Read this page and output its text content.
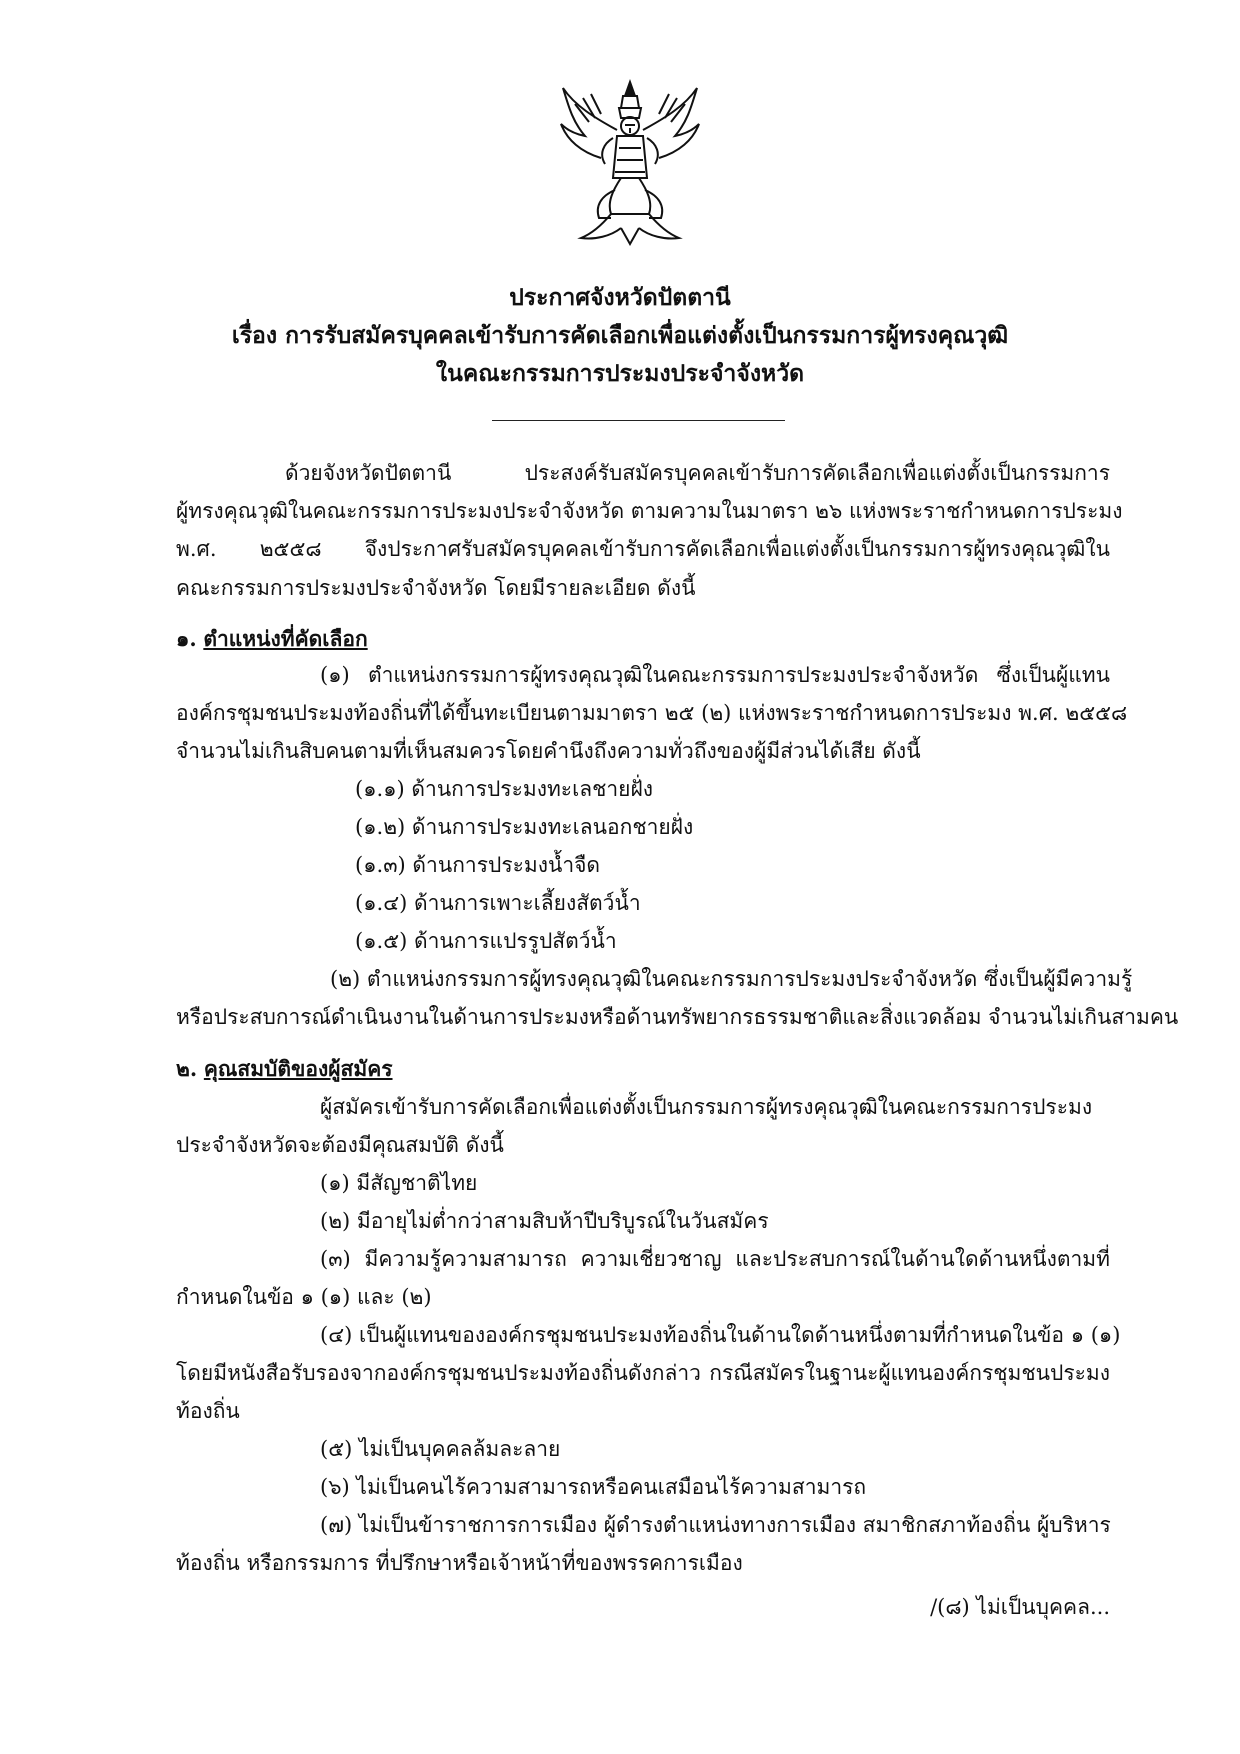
ประกาศจังหวัดปัตตานี
เรื่อง การรับสมัครบุคคลเข้ารับการคัดเลือกเพื่อแต่งตั้งเป็นกรรมการผู้ทรงคุณวุฒิ
ในคณะกรรมการประมงประจำจังหวัด
ด้วยจังหวัดปัตตานี ประสงค์รับสมัครบุคคลเข้ารับการคัดเลือกเพื่อแต่งตั้งเป็นกรรมการ
ผู้ทรงคุณวุฒิในคณะกรรมการประมงประจำจังหวัด ตามความในมาตรา ๒๖ แห่งพระราชกำหนดการประมง
พ.ศ. ๒๕๕๘ จึงประกาศรับสมัครบุคคลเข้ารับการคัดเลือกเพื่อแต่งตั้งเป็นกรรมการผู้ทรงคุณวุฒิใน
คณะกรรมการประมงประจำจังหวัด โดยมีรายละเอียด ดังนี้
๑. ตำแหน่งที่คัดเลือก
(๑) ตำแหน่งกรรมการผู้ทรงคุณวุฒิในคณะกรรมการประมงประจำจังหวัด ซึ่งเป็นผู้แทน
องค์กรชุมชนประมงท้องถิ่นที่ได้ขึ้นทะเบียนตามมาตรา ๒๕ (๒) แห่งพระราชกำหนดการประมง พ.ศ. ๒๕๕๘
จำนวนไม่เกินสิบคนตามที่เห็นสมควรโดยคำนึงถึงความทั่วถึงของผู้มีส่วนได้เสีย ดังนี้
(๑.๑) ด้านการประมงทะเลชายฝั่ง
(๑.๒) ด้านการประมงทะเลนอกชายฝั่ง
(๑.๓) ด้านการประมงน้ำจืด
(๑.๔) ด้านการเพาะเลี้ยงสัตว์น้ำ
(๑.๕) ด้านการแปรรูปสัตว์น้ำ
(๒) ตำแหน่งกรรมการผู้ทรงคุณวุฒิในคณะกรรมการประมงประจำจังหวัด ซึ่งเป็นผู้มีความรู้
หรือประสบการณ์ดำเนินงานในด้านการประมงหรือด้านทรัพยากรธรรมชาติและสิ่งแวดล้อม จำนวนไม่เกินสามคน
๒. คุณสมบัติของผู้สมัคร
ผู้สมัครเข้ารับการคัดเลือกเพื่อแต่งตั้งเป็นกรรมการผู้ทรงคุณวุฒิในคณะกรรมการประมง
ประจำจังหวัดจะต้องมีคุณสมบัติ ดังนี้
(๑) มีสัญชาติไทย
(๒) มีอายุไม่ต่ำกว่าสามสิบห้าปีบริบูรณ์ในวันสมัคร
(๓) มีความรู้ความสามารถ ความเชี่ยวชาญ และประสบการณ์ในด้านใดด้านหนึ่งตามที่
กำหนดในข้อ ๑ (๑) และ (๒)
(๔) เป็นผู้แทนขององค์กรชุมชนประมงท้องถิ่นในด้านใดด้านหนึ่งตามที่กำหนดในข้อ ๑ (๑)
โดยมีหนังสือรับรองจากองค์กรชุมชนประมงท้องถิ่นดังกล่าว กรณีสมัครในฐานะผู้แทนองค์กรชุมชนประมง
ท้องถิ่น
(๕) ไม่เป็นบุคคลล้มละลาย
(๖) ไม่เป็นคนไร้ความสามารถหรือคนเสมือนไร้ความสามารถ
(๗) ไม่เป็นข้าราชการการเมือง ผู้ดำรงตำแหน่งทางการเมือง สมาชิกสภาท้องถิ่น ผู้บริหาร
ท้องถิ่น หรือกรรมการ ที่ปรึกษาหรือเจ้าหน้าที่ของพรรคการเมือง
/(๘) ไม่เป็นบุคคล...
